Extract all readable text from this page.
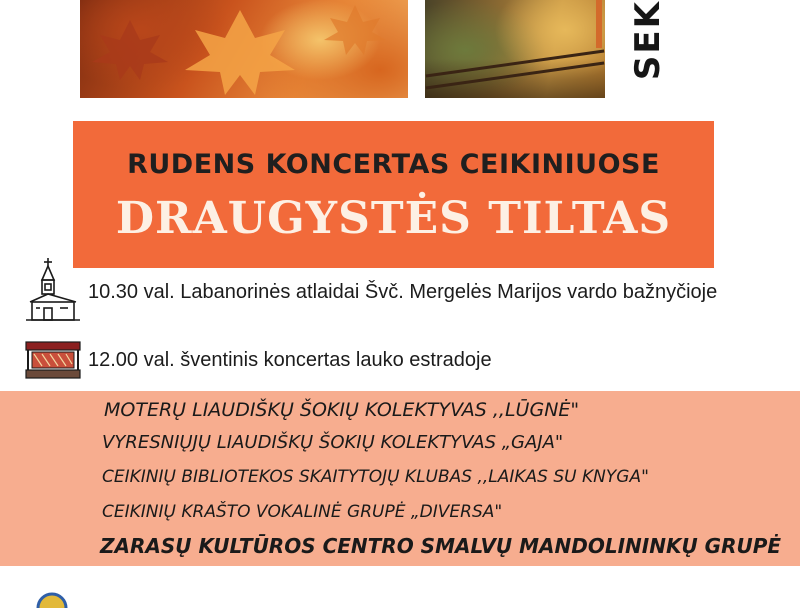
SEK
RUDENS KONCERTAS CEIKINIUOSE
DRAUGYSTĖS TILTAS
10.30 val. Labanorinės atlaidai Švč. Mergelės Marijos vardo bažnyčioje
12.00 val. šventinis koncertas lauko estradoje
MOTERŲ LIAUDIŠKŲ ŠOKIŲ KOLEKTYVAS ,,LŪGNĖ"
VYRESNIŲJŲ LIAUDIŠKŲ ŠOKIŲ KOLEKTYVAS „GAJA"
CEIKINIŲ BIBLIOTEKOS SKAITYTOJŲ KLUBAS ,,LAIKAS SU KNYGA"
CEIKINIŲ KRAŠTO VOKALINĖ GRUPĖ „DIVERSA"
ZARASŲ KULTŪROS CENTRO SMALVŲ MANDOLININKŲ GRUPĖ
